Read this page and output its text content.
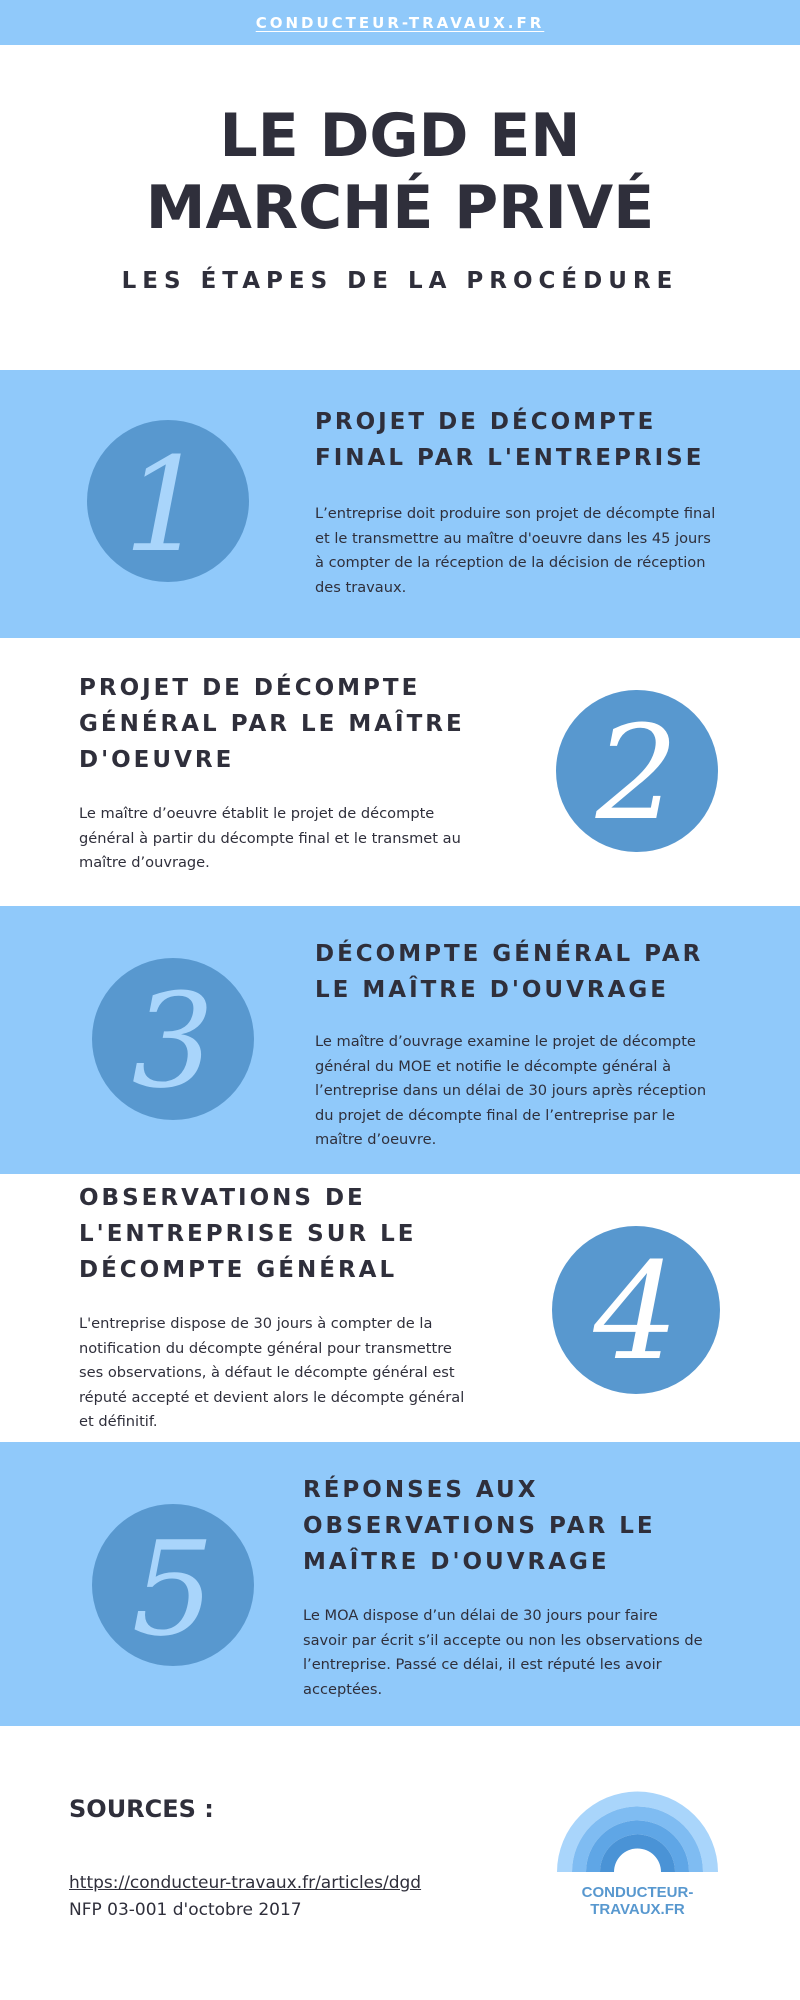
CONDUCTEUR-TRAVAUX.FR
LE DGD EN
MARCHÉ PRIVÉ
LES ÉTAPES DE LA PROCÉDURE
1
PROJET DE DÉCOMPTE
FINAL PAR L'ENTREPRISE
L’entreprise doit produire son projet de décompte final
et le transmettre au maître d'oeuvre dans les 45 jours
à compter de la réception de la décision de réception
des travaux.
PROJET DE DÉCOMPTE
GÉNÉRAL PAR LE MAÎTRE
D'OEUVRE
Le maître d’oeuvre établit le projet de décompte
général à partir du décompte final et le transmet au
maître d’ouvrage.
2
3
DÉCOMPTE GÉNÉRAL PAR
LE MAÎTRE D'OUVRAGE
Le maître d’ouvrage examine le projet de décompte
général du MOE et notifie le décompte général à
l’entreprise dans un délai de 30 jours après réception
du projet de décompte final de l’entreprise par le
maître d’oeuvre.
OBSERVATIONS DE
L'ENTREPRISE SUR LE
DÉCOMPTE GÉNÉRAL
L'entreprise dispose de 30 jours à compter de la
notification du décompte général pour transmettre
ses observations, à défaut le décompte général est
réputé accepté et devient alors le décompte général
et définitif.
4
5
RÉPONSES AUX
OBSERVATIONS PAR LE
MAÎTRE D'OUVRAGE
Le MOA dispose d’un délai de 30 jours pour faire
savoir par écrit s’il accepte ou non les observations de
l’entreprise. Passé ce délai, il est réputé les avoir
acceptées.
SOURCES :
https://conducteur-travaux.fr/articles/dgd
NFP 03-001 d'octobre 2017
CONDUCTEUR-TRAVAUX.FR
